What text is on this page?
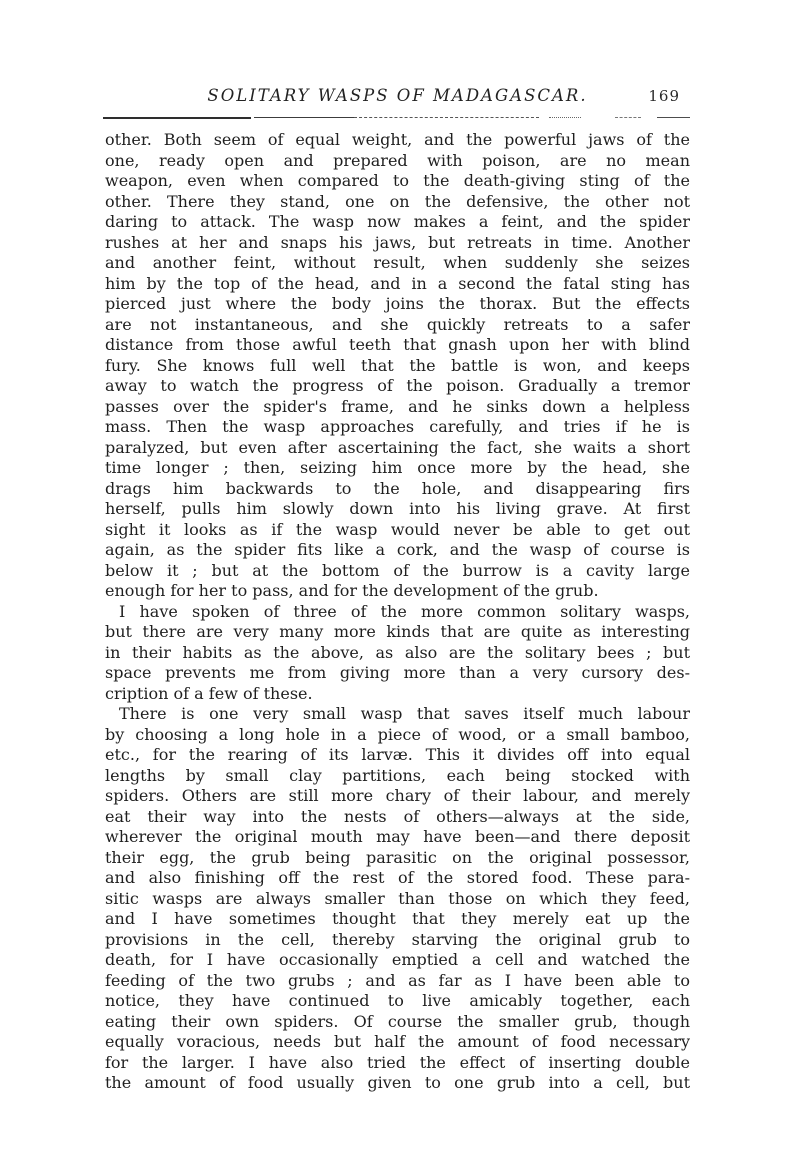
SOLITARY WASPS OF MADAGASCAR.	169
other. Both seem of equal weight, and the powerful jaws of the
one, ready open and prepared with poison, are no mean
weapon, even when compared to the death-giving sting of the
other. There they stand, one on the defensive, the other not
daring to attack. The wasp now makes a feint, and the spider
rushes at her and snaps his jaws, but retreats in time. Another
and another feint, without result, when suddenly she seizes
him by the top of the head, and in a second the fatal sting has
pierced just where the body joins the thorax. But the effects
are not instantaneous, and she quickly retreats to a safer
distance from those awful teeth that gnash upon her with blind
fury. She knows full well that the battle is won, and keeps
away to watch the progress of the poison. Gradually a tremor
passes over the spider's frame, and he sinks down a helpless
mass. Then the wasp approaches carefully, and tries if he is
paralyzed, but even after ascertaining the fact, she waits a short
time longer ; then, seizing him once more by the head, she
drags him backwards to the hole, and disappearing firs
herself, pulls him slowly down into his living grave. At first
sight it looks as if the wasp would never be able to get out
again, as the spider fits like a cork, and the wasp of course is
below it ; but at the bottom of the burrow is a cavity large
enough for her to pass, and for the development of the grub.
I have spoken of three of the more common solitary wasps,
but there are very many more kinds that are quite as interesting
in their habits as the above, as also are the solitary bees ; but
space prevents me from giving more than a very cursory des-
cription of a few of these.
There is one very small wasp that saves itself much labour
by choosing a long hole in a piece of wood, or a small bamboo,
etc., for the rearing of its larvæ. This it divides off into equal
lengths by small clay partitions, each being stocked with
spiders. Others are still more chary of their labour, and merely
eat their way into the nests of others—always at the side,
wherever the original mouth may have been—and there deposit
their egg, the grub being parasitic on the original possessor,
and also finishing off the rest of the stored food. These para-
sitic wasps are always smaller than those on which they feed,
and I have sometimes thought that they merely eat up the
provisions in the cell, thereby starving the original grub to
death, for I have occasionally emptied a cell and watched the
feeding of the two grubs ; and as far as I have been able to
notice, they have continued to live amicably together, each
eating their own spiders. Of course the smaller grub, though
equally voracious, needs but half the amount of food necessary
for the larger. I have also tried the effect of inserting double
the amount of food usually given to one grub into a cell, but
